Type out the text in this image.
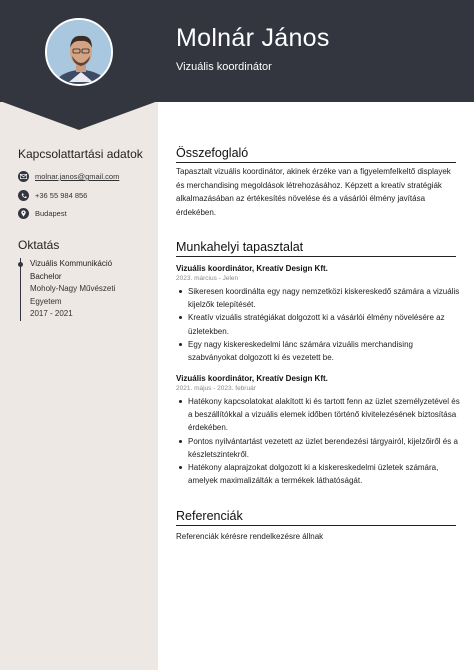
Molnár János
Vizuális koordinátor
Kapcsolattartási adatok
molnar.janos@gmail.com
+36 55 984 856
Budapest
Oktatás
Vizuális Kommunikáció
Bachelor
Moholy-Nagy Művészeti
Egyetem
2017 - 2021
Összefoglaló
Tapasztalt vizuális koordinátor, akinek érzéke van a figyelemfelkeltő displayek és merchandising megoldások létrehozásához. Képzett a kreatív stratégiák alkalmazásában az értékesítés növelése és a vásárlói élmény javítása érdekében.
Munkahelyi tapasztalat
Vizuális koordinátor, Kreatív Design Kft.
2023. március - Jelen
Sikeresen koordinálta egy nagy nemzetközi kiskereskedő számára a vizuális kijelzők telepítését.
Kreatív vizuális stratégiákat dolgozott ki a vásárlói élmény növelésére az üzletekben.
Egy nagy kiskereskedelmi lánc számára vizuális merchandising szabványokat dolgozott ki és vezetett be.
Vizuális koordinátor, Kreatív Design Kft.
2021. május - 2023. február
Hatékony kapcsolatokat alakított ki és tartott fenn az üzlet személyzetével és a beszállítókkal a vizuális elemek időben történő kivitelezésének biztosítása érdekében.
Pontos nyilvántartást vezetett az üzlet berendezési tárgyairól, kijelzőiről és a készletszintekről.
Hatékony alaprajzokat dolgozott ki a kiskereskedelmi üzletek számára, amelyek maximalizálták a termékek láthatóságát.
Referenciák
Referenciák kérésre rendelkezésre állnak
